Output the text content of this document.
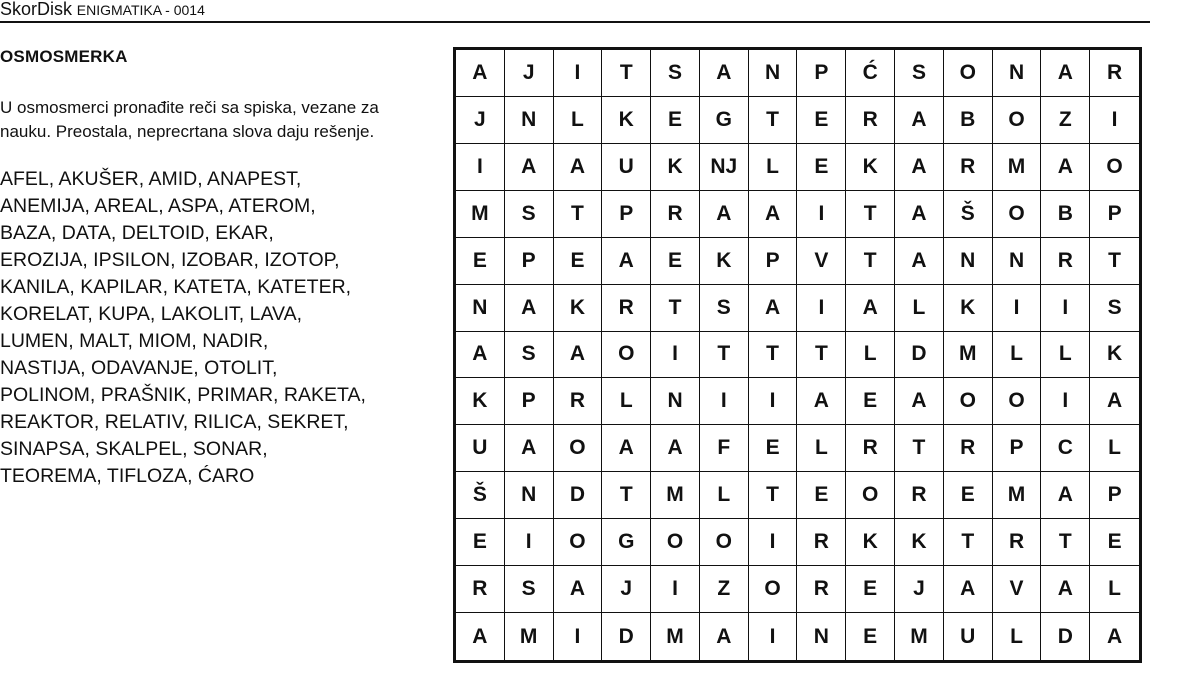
SkorDisk ENIGMATIKA - 0014
OSMOSMERKA
U osmosmerci pronađite reči sa spiska, vezane za nauku. Preostala, neprecrtana slova daju rešenje.
AFEL, AKUŠER, AMID, ANAPEST,
ANEMIJA, AREAL, ASPA, ATEROM,
BAZA, DATA, DELTOID, EKAR,
EROZIJA, IPSILON, IZOBAR, IZOTOP,
KANILA, KAPILAR, KATETA, KATETER,
KORELAT, KUPA, LAKOLIT, LAVA,
LUMEN, MALT, MIOM, NADIR,
NASTIJA, ODAVANJE, OTOLIT,
POLINOM, PRAŠNIK, PRIMAR, RAKETA,
REAKTOR, RELATIV, RILICA, SEKRET,
SINAPSA, SKALPEL, SONAR,
TEOREMA, TIFLOZA, ĆARO
A	J	I	T	S	A	N	P	Ć	S	O	N	A	R
J	N	L	K	E	G	T	E	R	A	B	O	Z	I
I	A	A	U	K	NJ	L	E	K	A	R	M	A	O
M	S	T	P	R	A	A	I	T	A	Š	O	B	P
E	P	E	A	E	K	P	V	T	A	N	N	R	T
N	A	K	R	T	S	A	I	A	L	K	I	I	S
A	S	A	O	I	T	T	T	L	D	M	L	L	K
K	P	R	L	N	I	I	A	E	A	O	O	I	A
U	A	O	A	A	F	E	L	R	T	R	P	C	L
Š	N	D	T	M	L	T	E	O	R	E	M	A	P
E	I	O	G	O	O	I	R	K	K	T	R	T	E
R	S	A	J	I	Z	O	R	E	J	A	V	A	L
A	M	I	D	M	A	I	N	E	M	U	L	D	A
